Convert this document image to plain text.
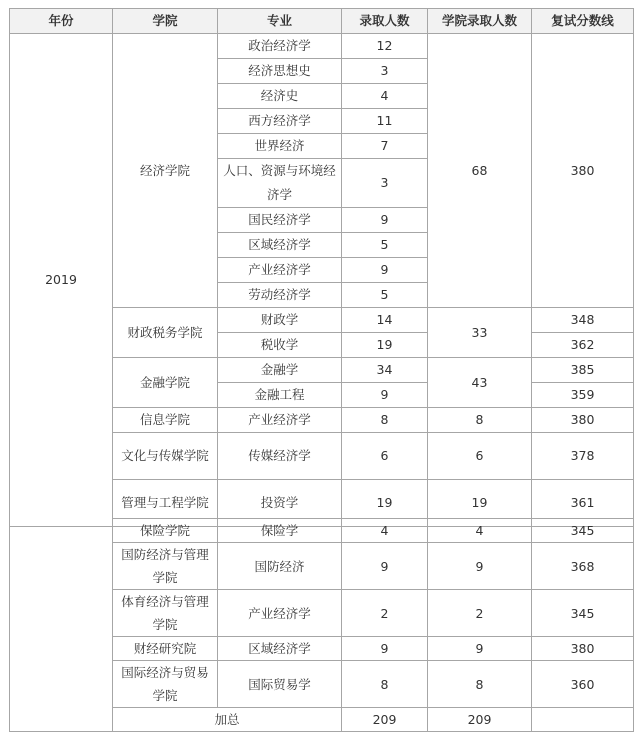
年份	学院	专业	录取人数	学院录取人数	复试分数线
2019	经济学院	政治经济学	12	68	380
		经济思想史	3		
		经济史	4		
		西方经济学	11		
		世界经济	7		
		人口、资源与环境经济学	3		

		国民经济学	9		
		区域经济学	5		
		产业经济学	9		
		劳动经济学	5		
	财政税务学院	财政学	14	33	348
		税收学	19		362
	金融学院	金融学	34	43	385
		金融工程	9		359
	信息学院	产业经济学	8	8	380
	文化与传媒学院	传媒经济学	6	6	378
	管理与工程学院	投资学	19	19	361
	保险学院	保险学	4	4	345
	国防经济与管理学院	国防经济	9	9	368
	体育经济与管理学院	产业经济学	2	2	345
	财经研究院	区域经济学	9	9	380
	国际经济与贸易学院	国际贸易学	8	8	360
	加总		209	209	
